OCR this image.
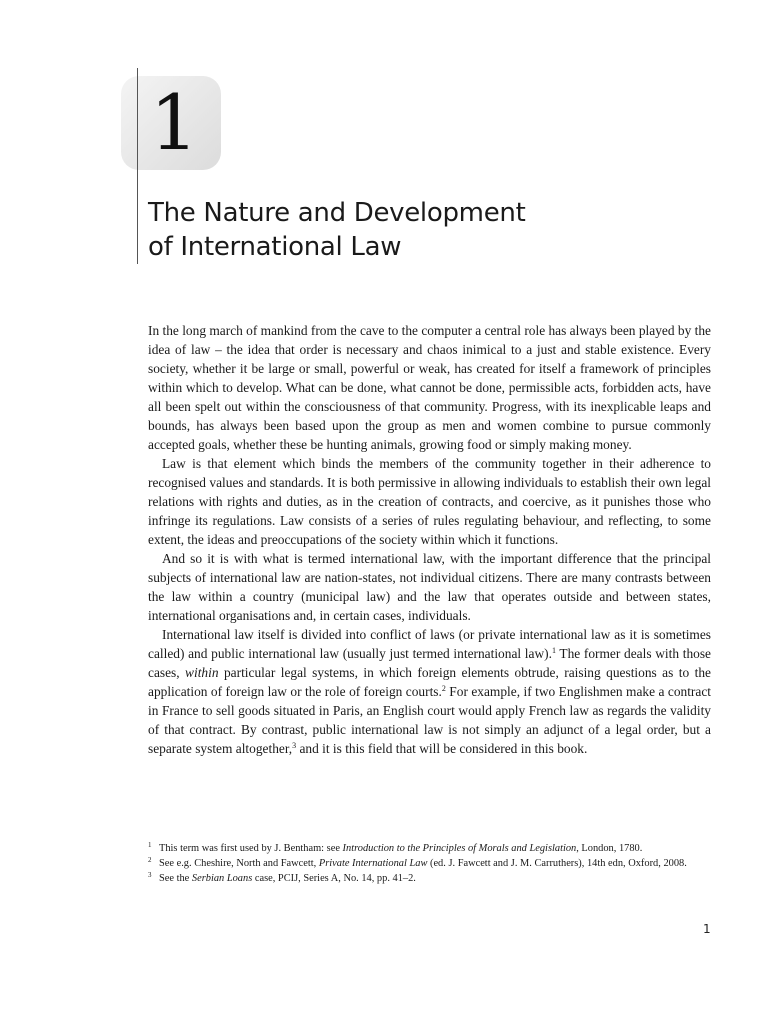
1
The Nature and Development
of International Law

In the long march of mankind from the cave to the computer a central role has always been played by the idea of law – the idea that order is necessary and chaos inimical to a just and stable existence. Every society, whether it be large or small, powerful or weak, has created for itself a framework of principles within which to develop. What can be done, what cannot be done, permissible acts, forbidden acts, have all been spelt out within the consciousness of that community. Progress, with its inexplicable leaps and bounds, has always been based upon the group as men and women combine to pursue commonly accepted goals, whether these be hunting animals, growing food or simply making money.

Law is that element which binds the members of the community together in their adherence to recognised values and standards. It is both permissive in allowing individuals to establish their own legal relations with rights and duties, as in the creation of contracts, and coercive, as it punishes those who infringe its regulations. Law consists of a series of rules regulating behaviour, and reflecting, to some extent, the ideas and preoccupations of the society within which it functions.

And so it is with what is termed international law, with the important difference that the principal subjects of international law are nation-states, not individual citizens. There are many contrasts between the law within a country (municipal law) and the law that operates outside and between states, international organisations and, in certain cases, individuals.

International law itself is divided into conflict of laws (or private international law as it is sometimes called) and public international law (usually just termed international law).$^1$ The former deals with those cases, within particular legal systems, in which foreign elements obtrude, raising questions as to the application of foreign law or the role of foreign courts.$^2$ For example, if two Englishmen make a contract in France to sell goods situated in Paris, an English court would apply French law as regards the validity of that contract. By contrast, public international law is not simply an adjunct of a legal order, but a separate system altogether,$^3$ and it is this field that will be considered in this book.

1 This term was first used by J. Bentham: see Introduction to the Principles of Morals and Legislation, London, 1780.

2 See e.g. Cheshire, North and Fawcett, Private International Law (ed. J. Fawcett and J. M. Carruthers), 14th edn, Oxford, 2008.

3 See the Serbian Loans case, PCIJ, Series A, No. 14, pp. 41–2.

1
